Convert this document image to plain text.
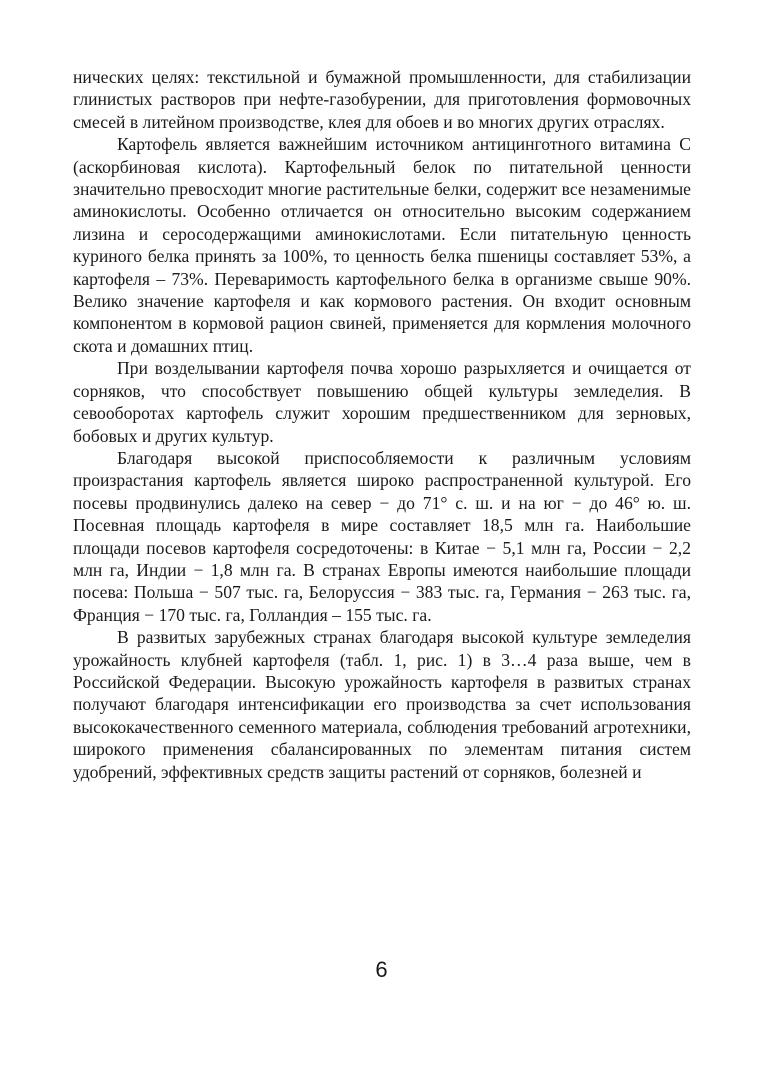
нических целях: текстильной и бумажной промышленности, для стабилизации глинистых растворов при нефте-газобурении, для приготовления формовочных смесей в литейном производстве, клея для обоев и во многих других отраслях.

Картофель является важнейшим источником антицинготного витамина С (аскорбиновая кислота). Картофельный белок по питательной ценности значительно превосходит многие растительные белки, содержит все незаменимые аминокислоты. Особенно отличается он относительно высоким содержанием лизина и серосодержащими аминокислотами. Если питательную ценность куриного белка принять за 100%, то ценность белка пшеницы составляет 53%, а картофеля – 73%. Переваримость картофельного белка в организме свыше 90%. Велико значение картофеля и как кормового растения. Он входит основным компонентом в кормовой рацион свиней, применяется для кормления молочного скота и домашних птиц.

При возделывании картофеля почва хорошо разрыхляется и очищается от сорняков, что способствует повышению общей культуры земледелия. В севооборотах картофель служит хорошим предшественником для зерновых, бобовых и других культур.

Благодаря высокой приспособляемости к различным условиям произрастания картофель является широко распространенной культурой. Его посевы продвинулись далеко на север − до 71° с. ш. и на юг − до 46° ю. ш. Посевная площадь картофеля в мире составляет 18,5 млн га. Наибольшие площади посевов картофеля сосредоточены: в Китае − 5,1 млн га, России − 2,2 млн га, Индии − 1,8 млн га. В странах Европы имеются наибольшие площади посева: Польша − 507 тыс. га, Белоруссия − 383 тыс. га, Германия − 263 тыс. га, Франция − 170 тыс. га, Голландия – 155 тыс. га.

В развитых зарубежных странах благодаря высокой культуре земледелия урожайность клубней картофеля (табл. 1, рис. 1) в 3…4 раза выше, чем в Российской Федерации. Высокую урожайность картофеля в развитых странах получают благодаря интенсификации его производства за счет использования высококачественного семенного материала, соблюдения требований агротехники, широкого применения сбалансированных по элементам питания систем удобрений, эффективных средств защиты растений от сорняков, болезней и

6
